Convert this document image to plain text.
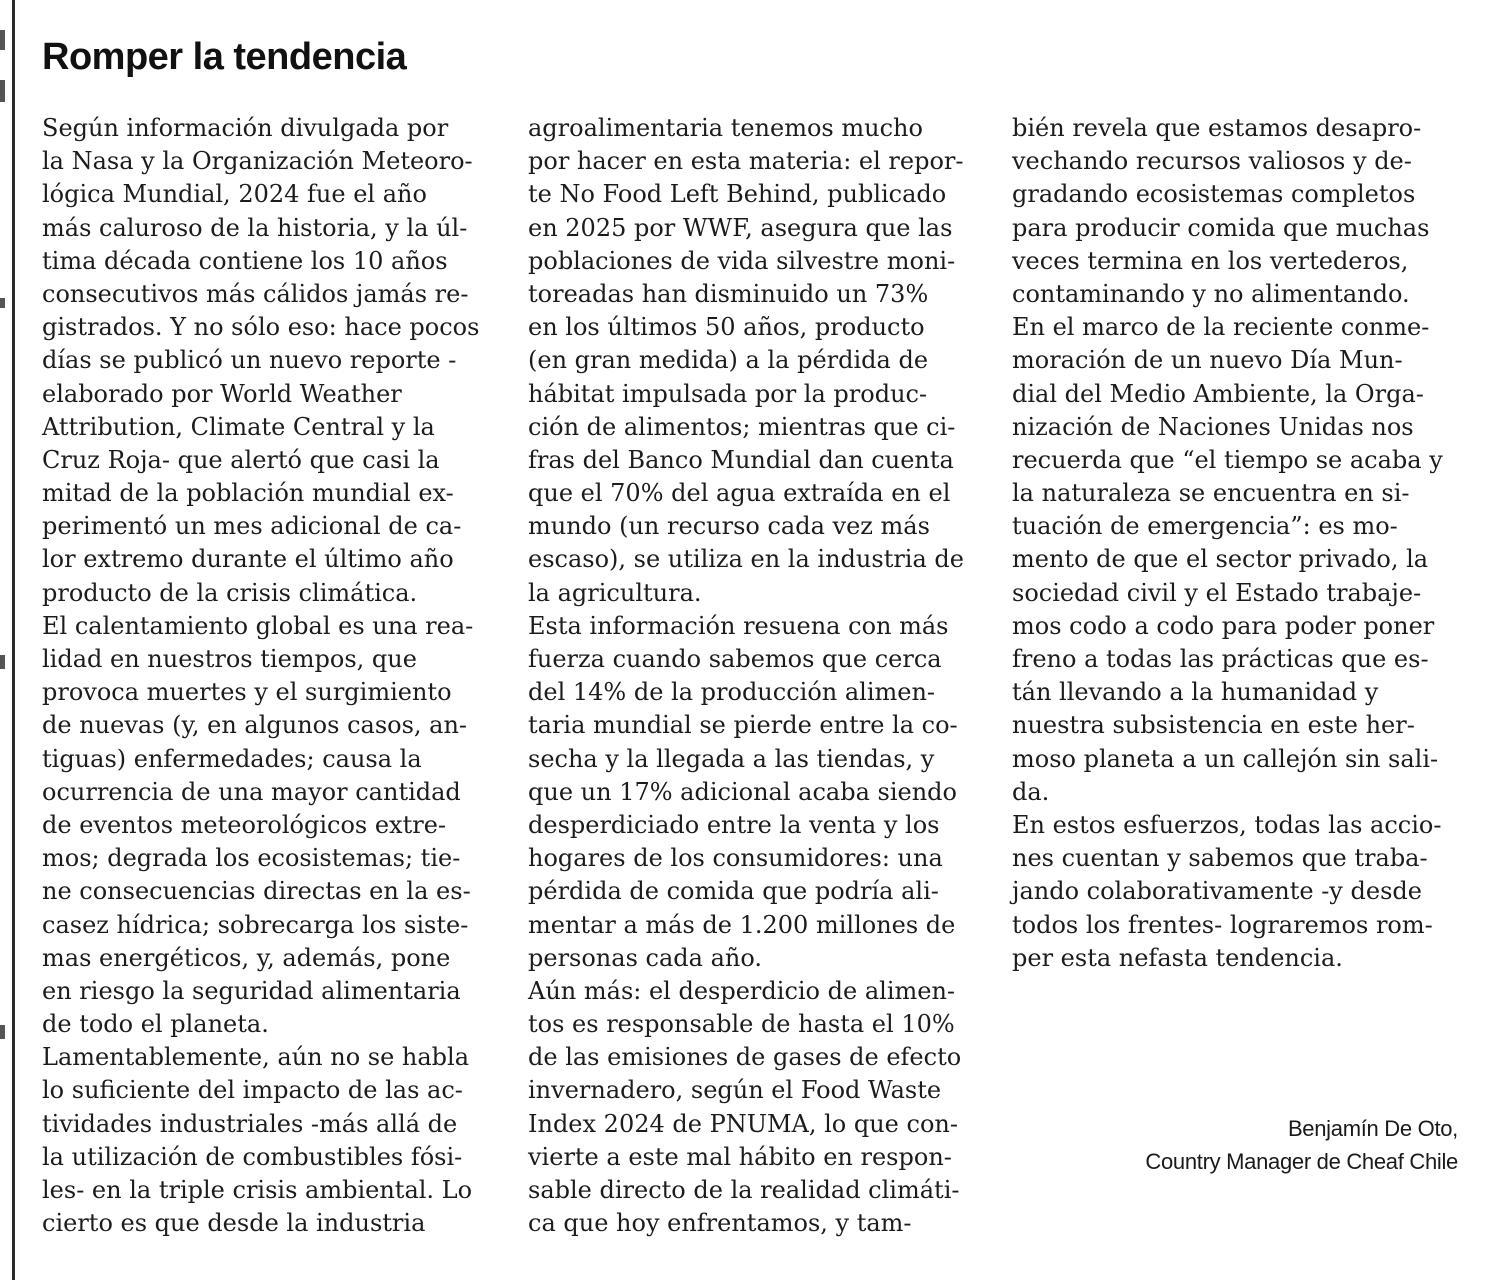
Romper la tendencia
Según información divulgada por
la Nasa y la Organización Meteoro-
lógica Mundial, 2024 fue el año
más caluroso de la historia, y la úl-
tima década contiene los 10 años
consecutivos más cálidos jamás re-
gistrados. Y no sólo eso: hace pocos
días se publicó un nuevo reporte -
elaborado por World Weather
Attribution, Climate Central y la
Cruz Roja- que alertó que casi la
mitad de la población mundial ex-
perimentó un mes adicional de ca-
lor extremo durante el último año
producto de la crisis climática.
El calentamiento global es una rea-
lidad en nuestros tiempos, que
provoca muertes y el surgimiento
de nuevas (y, en algunos casos, an-
tiguas) enfermedades; causa la
ocurrencia de una mayor cantidad
de eventos meteorológicos extre-
mos; degrada los ecosistemas; tie-
ne consecuencias directas en la es-
casez hídrica; sobrecarga los siste-
mas energéticos, y, además, pone
en riesgo la seguridad alimentaria
de todo el planeta.
Lamentablemente, aún no se habla
lo suficiente del impacto de las ac-
tividades industriales -más allá de
la utilización de combustibles fósi-
les- en la triple crisis ambiental. Lo
cierto es que desde la industria
agroalimentaria tenemos mucho
por hacer en esta materia: el repor-
te No Food Left Behind, publicado
en 2025 por WWF, asegura que las
poblaciones de vida silvestre moni-
toreadas han disminuido un 73%
en los últimos 50 años, producto
(en gran medida) a la pérdida de
hábitat impulsada por la produc-
ción de alimentos; mientras que ci-
fras del Banco Mundial dan cuenta
que el 70% del agua extraída en el
mundo (un recurso cada vez más
escaso), se utiliza en la industria de
la agricultura.
Esta información resuena con más
fuerza cuando sabemos que cerca
del 14% de la producción alimen-
taria mundial se pierde entre la co-
secha y la llegada a las tiendas, y
que un 17% adicional acaba siendo
desperdiciado entre la venta y los
hogares de los consumidores: una
pérdida de comida que podría ali-
mentar a más de 1.200 millones de
personas cada año.
Aún más: el desperdicio de alimen-
tos es responsable de hasta el 10%
de las emisiones de gases de efecto
invernadero, según el Food Waste
Index 2024 de PNUMA, lo que con-
vierte a este mal hábito en respon-
sable directo de la realidad climáti-
ca que hoy enfrentamos, y tam-
bién revela que estamos desapro-
vechando recursos valiosos y de-
gradando ecosistemas completos
para producir comida que muchas
veces termina en los vertederos,
contaminando y no alimentando.
En el marco de la reciente conme-
moración de un nuevo Día Mun-
dial del Medio Ambiente, la Orga-
nización de Naciones Unidas nos
recuerda que “el tiempo se acaba y
la naturaleza se encuentra en si-
tuación de emergencia”: es mo-
mento de que el sector privado, la
sociedad civil y el Estado trabaje-
mos codo a codo para poder poner
freno a todas las prácticas que es-
tán llevando a la humanidad y
nuestra subsistencia en este her-
moso planeta a un callejón sin sali-
da.
En estos esfuerzos, todas las accio-
nes cuentan y sabemos que traba-
jando colaborativamente -y desde
todos los frentes- lograremos rom-
per esta nefasta tendencia.
Benjamín De Oto,
Country Manager de Cheaf Chile
